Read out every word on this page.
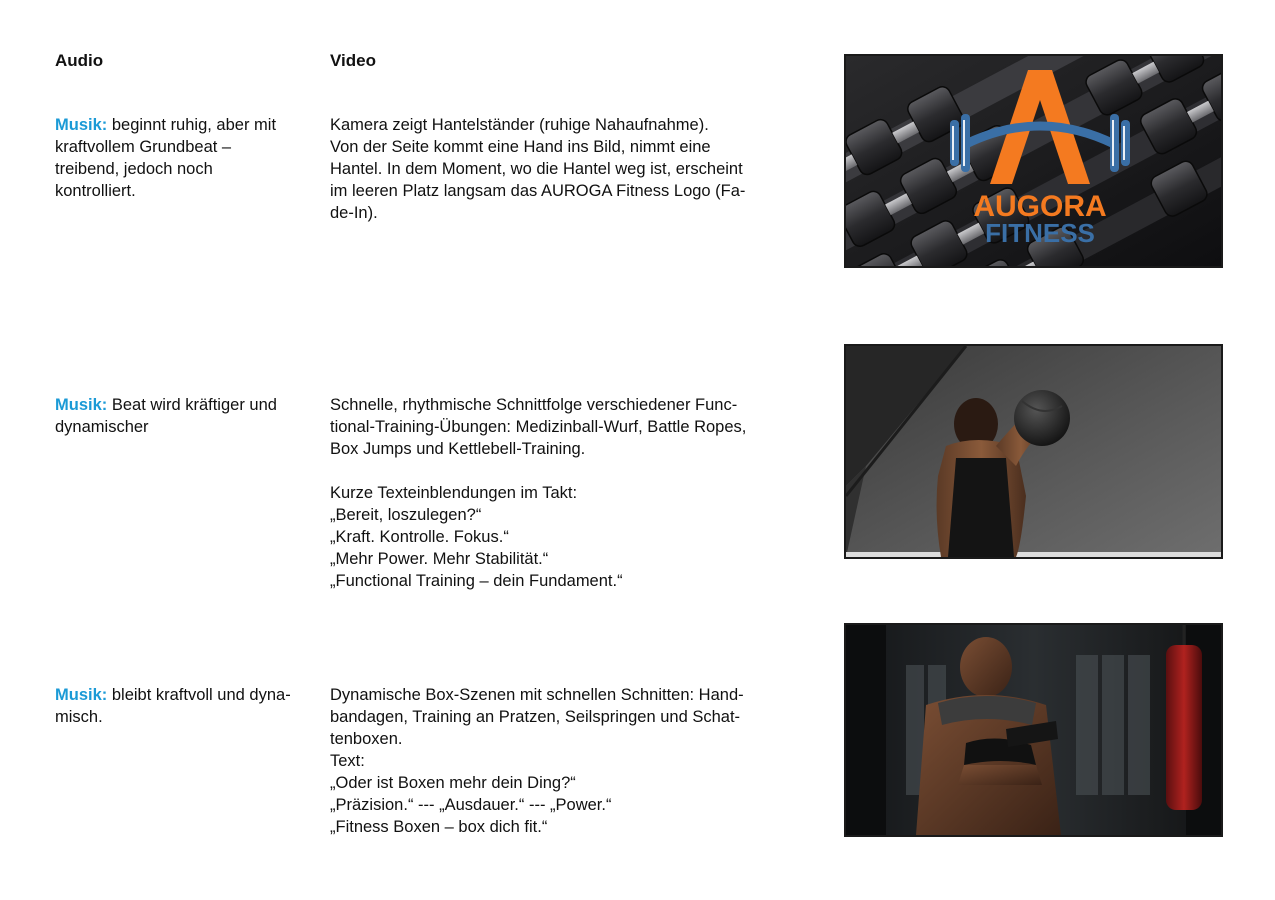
Audio	Video
Musik: beginnt ruhig, aber mit
kraftvollem Grundbeat –
treibend, jedoch noch
kontrolliert.
Kamera zeigt Hantelständer (ruhige Nahaufnahme).
Von der Seite kommt eine Hand ins Bild, nimmt eine
Hantel. In dem Moment, wo die Hantel weg ist, erscheint
im leeren Platz langsam das AUROGA Fitness Logo (Fa-
de-In).	AUGORA
FITNESS
Musik: Beat wird kräftiger und
dynamischer
Schnelle, rhythmische Schnittfolge verschiedener Func-
tional-Training-Übungen: Medizinball-Wurf, Battle Ropes,
Box Jumps und Kettlebell-Training.
Kurze Texteinblendungen im Takt:
„Bereit, loszulegen?“
„Kraft. Kontrolle. Fokus.“
„Mehr Power. Mehr Stabilität.“
„Functional Training – dein Fundament.“
Musik: bleibt kraftvoll und dyna-
misch.
Dynamische Box-Szenen mit schnellen Schnitten: Hand-
bandagen, Training an Pratzen, Seilspringen und Schat-
tenboxen.
Text:
„Oder ist Boxen mehr dein Ding?“
„Präzision.“ --- „Ausdauer.“ --- „Power.“
„Fitness Boxen – box dich fit.“
